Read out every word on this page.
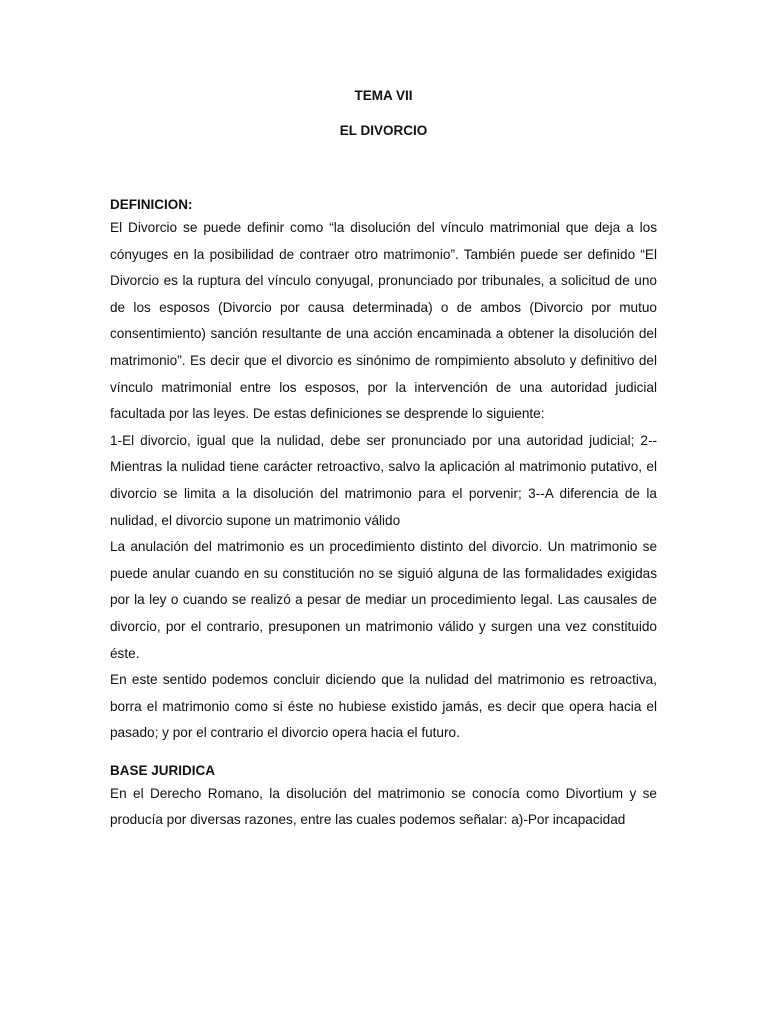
TEMA VII
EL DIVORCIO
DEFINICION:

El Divorcio se puede definir como “la disolución del vínculo matrimonial que deja a los cónyuges en la posibilidad de contraer otro matrimonio”. También puede ser definido “El Divorcio es la ruptura del vínculo conyugal, pronunciado por tribunales, a solicitud de uno de los esposos (Divorcio por causa determinada) o de ambos (Divorcio por mutuo consentimiento) sanción resultante de una acción encaminada a obtener la disolución del matrimonio”. Es decir que el divorcio es sinónimo de rompimiento absoluto y definitivo del vínculo matrimonial entre los esposos, por la intervención de una autoridad judicial facultada por las leyes. De estas definiciones se desprende lo siguiente:

1-El divorcio, igual que la nulidad, debe ser pronunciado por una autoridad judicial; 2--Mientras la nulidad tiene carácter retroactivo, salvo la aplicación al matrimonio putativo, el divorcio se limita a la disolución del matrimonio para el porvenir; 3--A diferencia de la nulidad, el divorcio supone un matrimonio válido

La anulación del matrimonio es un procedimiento distinto del divorcio. Un matrimonio se puede anular cuando en su constitución no se siguió alguna de las formalidades exigidas por la ley o cuando se realizó a pesar de mediar un procedimiento legal. Las causales de divorcio, por el contrario, presuponen un matrimonio válido y surgen una vez constituido éste.

En este sentido podemos concluir diciendo que la nulidad del matrimonio es retroactiva, borra el matrimonio como si éste no hubiese existido jamás, es decir que opera hacia el pasado; y por el contrario el divorcio opera hacia el futuro.

BASE JURIDICA

En el Derecho Romano, la disolución del matrimonio se conocía como Divortium y se producía por diversas razones, entre las cuales podemos señalar: a)-Por incapacidad
